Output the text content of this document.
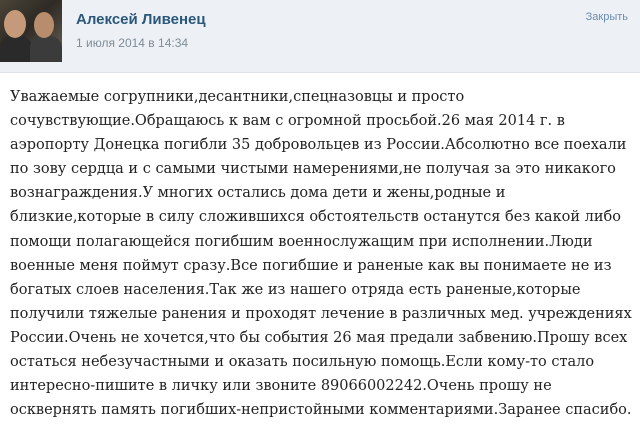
Алексей Ливенец
1 июля 2014 в 14:34
Закрыть
Уважаемые согрупники,десантники,спецназовцы и просто
сочувствующие.Обращаюсь к вам с огромной просьбой.26 мая 2014 г. в
аэропорту Донецка погибли 35 добровольцев из России.Абсолютно все поехали
по зову сердца и с самыми чистыми намерениями,не получая за это никакого
вознаграждения.У многих остались дома дети и жены,родные и
близкие,которые в силу сложившихся обстоятельств останутся без какой либо
помощи полагающейся погибшим военнослужащим при исполнении.Люди
военные меня поймут сразу.Все погибшие и раненые как вы понимаете не из
богатых слоев населения.Так же из нашего отряда есть раненые,которые
получили тяжелые ранения и проходят лечение в различных мед. учреждениях
России.Очень не хочется,что бы события 26 мая предали забвению.Прошу всех
остаться небезучастными и оказать посильную помощь.Если кому-то стало
интересно-пишите в личку или звоните 89066002242.Очень прошу не
осквернять память погибших-непристойными комментариями.Заранее спасибо.
